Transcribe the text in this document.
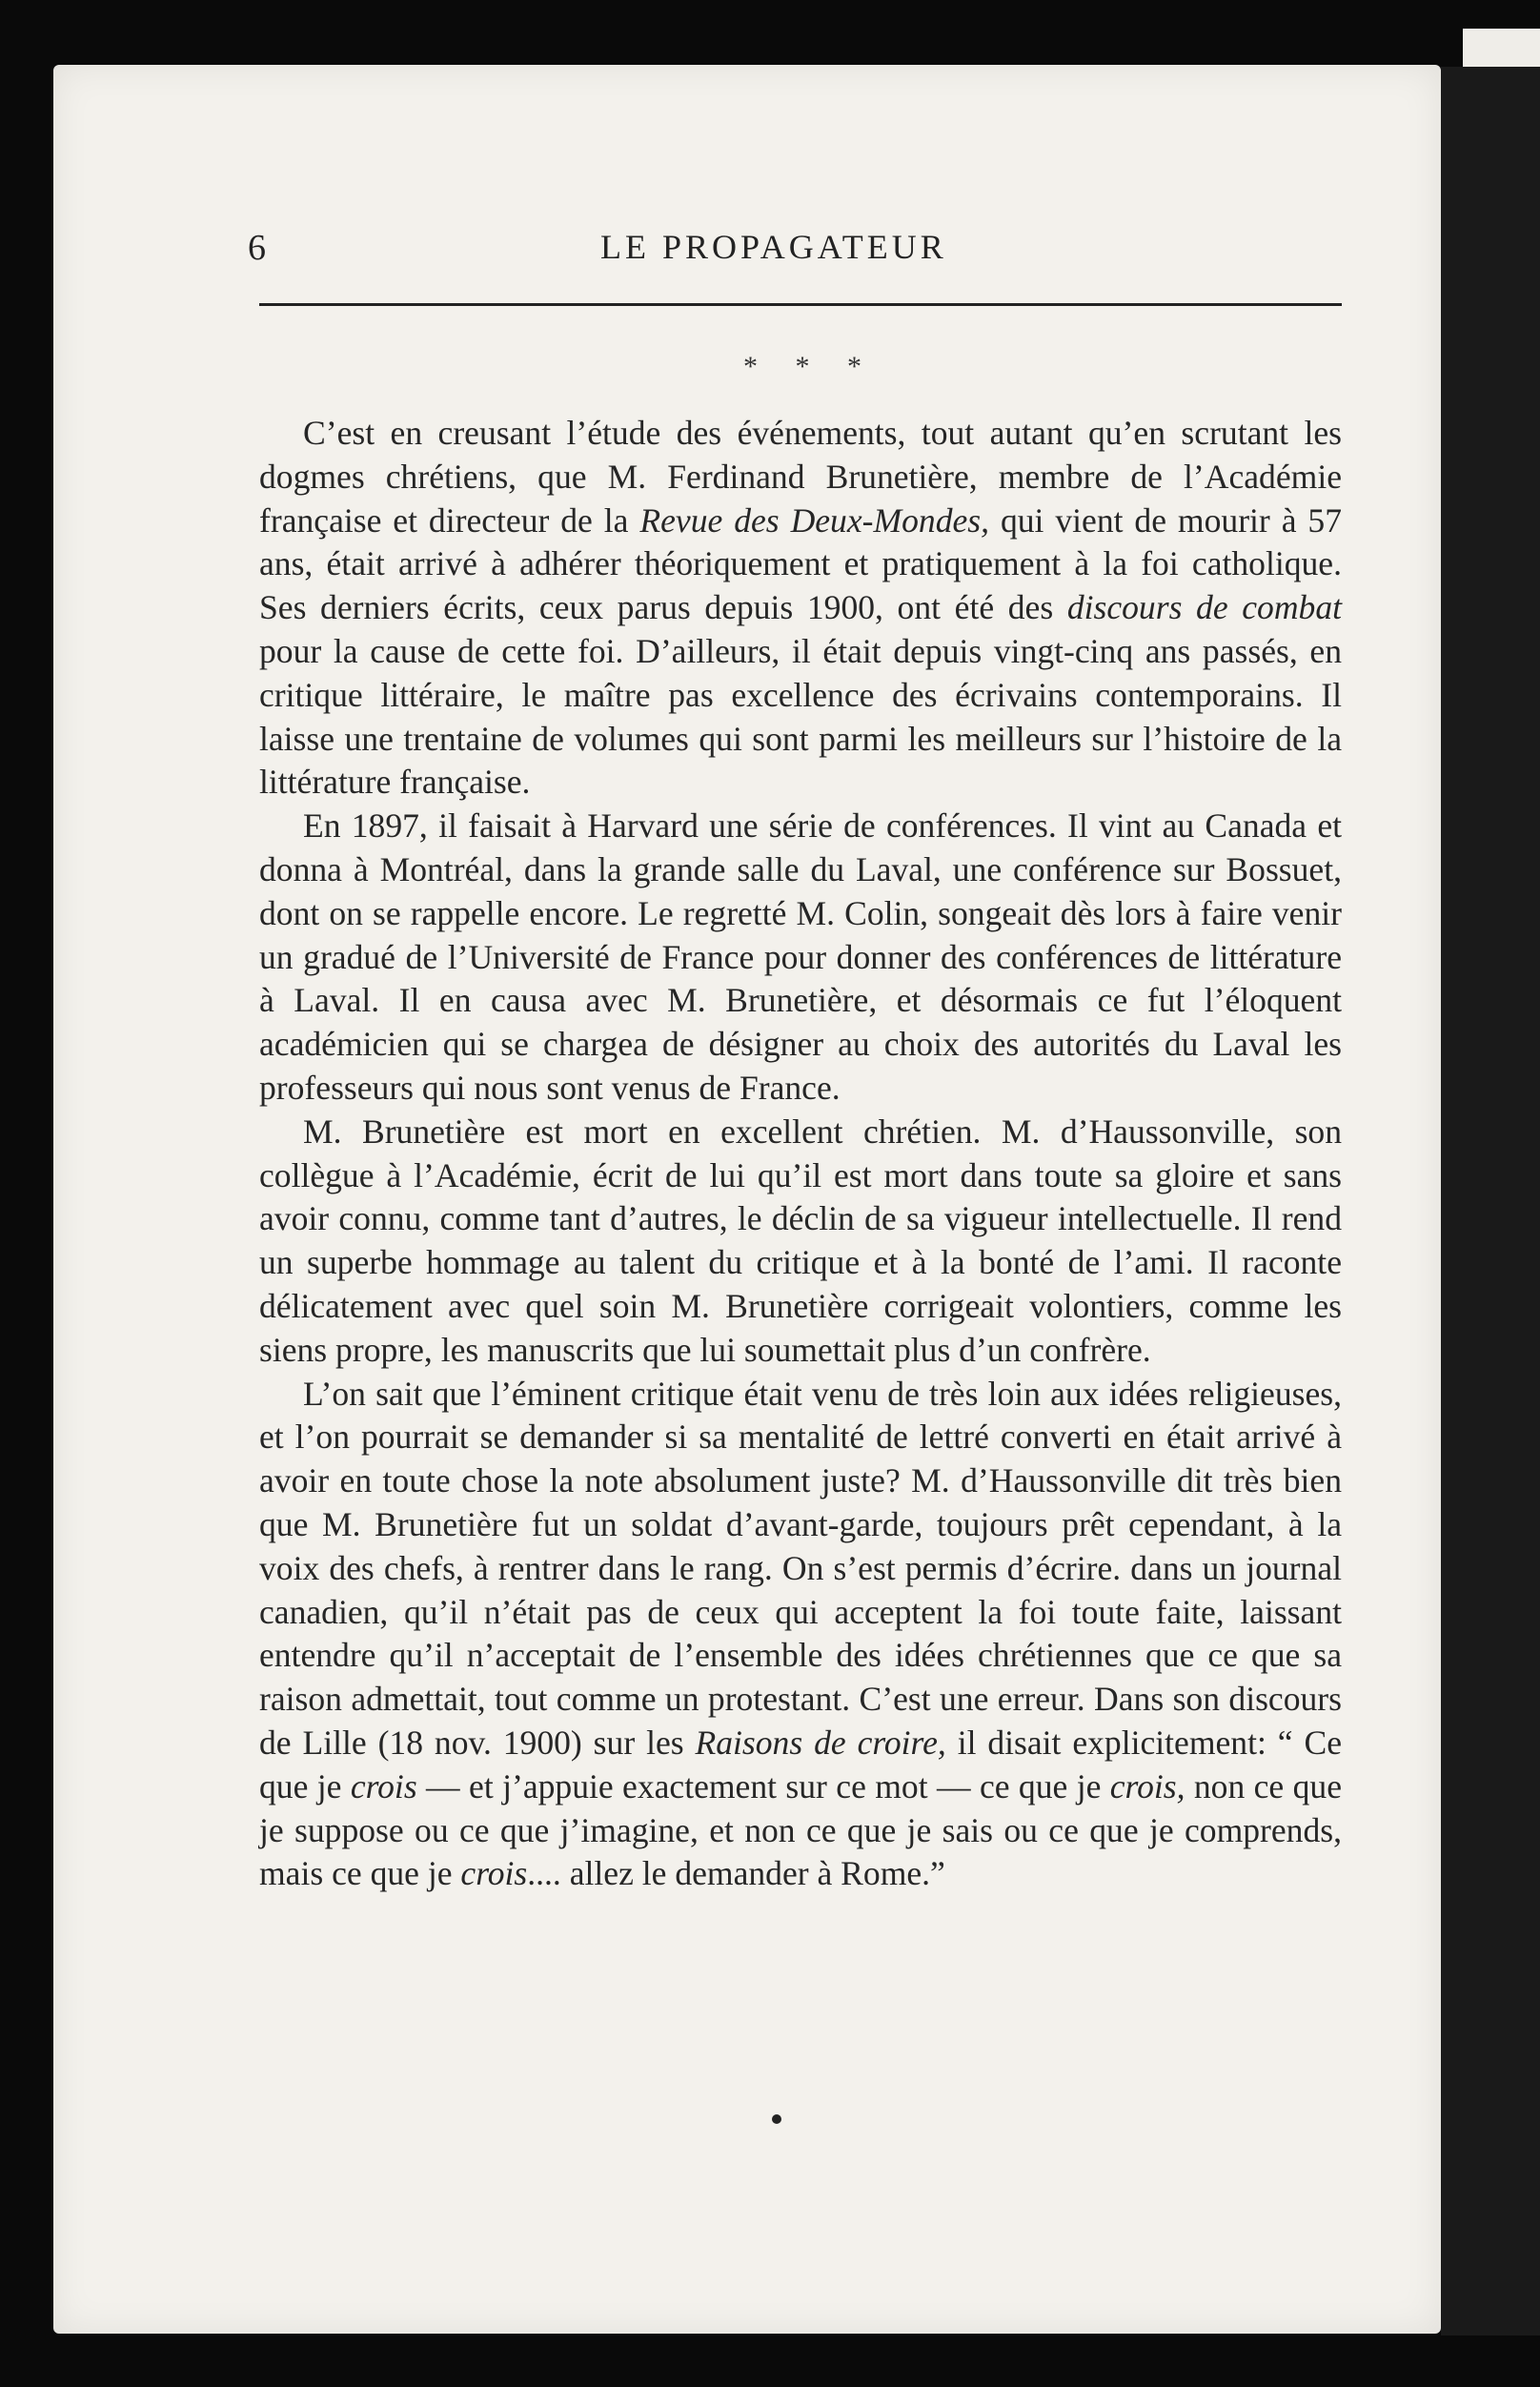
6	LE PROPAGATEUR
* * *

C’est en creusant l’étude des événements, tout autant qu’en scrutant les dogmes chrétiens, que M. Ferdinand Brunetière, membre de l’Académie française et directeur de la Revue des Deux-Mondes, qui vient de mourir à 57 ans, était arrivé à adhérer théoriquement et pratiquement à la foi catholique. Ses derniers écrits, ceux parus depuis 1900, ont été des discours de combat pour la cause de cette foi. D’ailleurs, il était depuis vingt-cinq ans passés, en critique littéraire, le maître pas excellence des écrivains contemporains. Il laisse une trentaine de volumes qui sont parmi les meilleurs sur l’histoire de la littérature française.

En 1897, il faisait à Harvard une série de conférences. Il vint au Canada et donna à Montréal, dans la grande salle du Laval, une conférence sur Bossuet, dont on se rappelle encore. Le regretté M. Colin, songeait dès lors à faire venir un gradué de l’Université de France pour donner des conférences de littérature à Laval. Il en causa avec M. Brunetière, et désormais ce fut l’éloquent académicien qui se chargea de désigner au choix des autorités du Laval les professeurs qui nous sont venus de France.

M. Brunetière est mort en excellent chrétien. M. d’Haussonville, son collègue à l’Académie, écrit de lui qu’il est mort dans toute sa gloire et sans avoir connu, comme tant d’autres, le déclin de sa vigueur intellectuelle. Il rend un superbe hommage au talent du critique et à la bonté de l’ami. Il raconte délicatement avec quel soin M. Brunetière corrigeait volontiers, comme les siens propre, les manuscrits que lui soumettait plus d’un confrère.

L’on sait que l’éminent critique était venu de très loin aux idées religieuses, et l’on pourrait se demander si sa mentalité de lettré converti en était arrivé à avoir en toute chose la note absolument juste? M. d’Haussonville dit très bien que M. Brunetière fut un soldat d’avant-garde, toujours prêt cependant, à la voix des chefs, à rentrer dans le rang. On s’est permis d’écrire. dans un journal canadien, qu’il n’était pas de ceux qui acceptent la foi toute faite, laissant entendre qu’il n’acceptait de l’ensemble des idées chrétiennes que ce que sa raison admettait, tout comme un protestant. C’est une erreur. Dans son discours de Lille (18 nov. 1900) sur les Raisons de croire, il disait explicitement: “ Ce que je crois — et j’appuie exactement sur ce mot — ce que je crois, non ce que je suppose ou ce que j’imagine, et non ce que je sais ou ce que je comprends, mais ce que je crois.... allez le demander à Rome.”
